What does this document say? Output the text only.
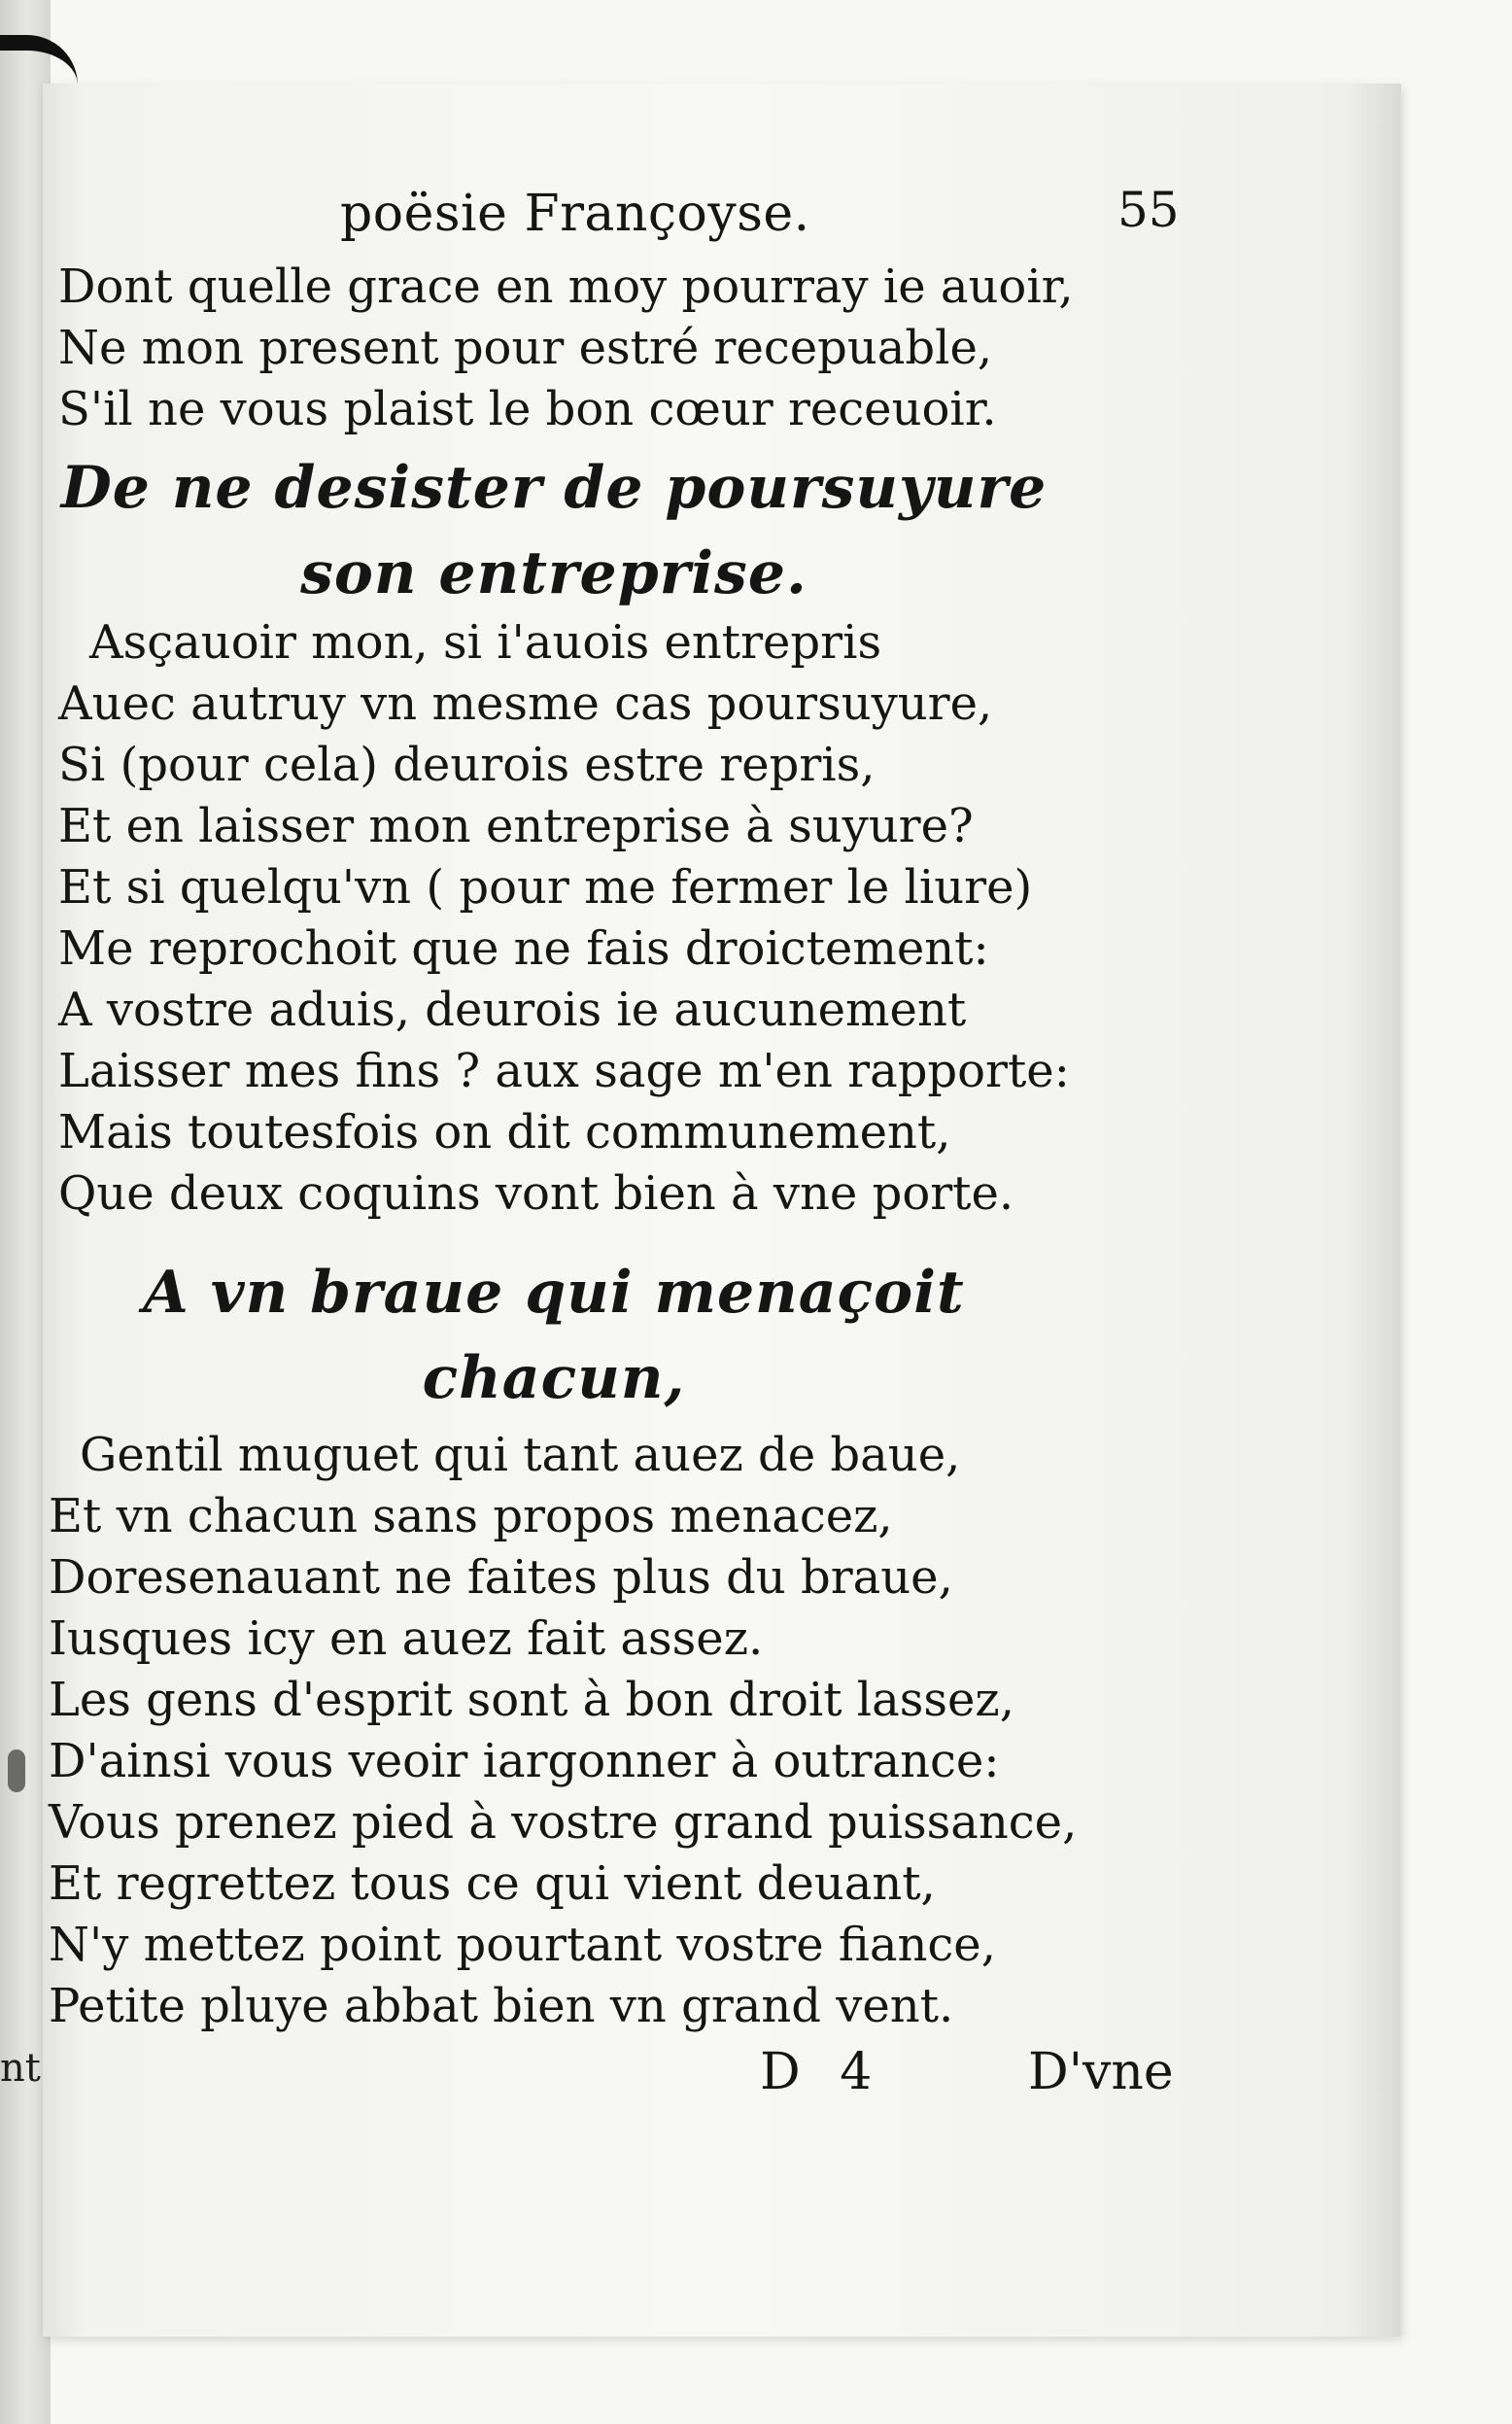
nt
poësie Françoyse.	55
Dont quelle grace en moy pourray ie auoir,
Ne mon present pour estré recepuable,
S'il ne vous plaist le bon cœur receuoir.
De ne desister de poursuyure
son entreprise.
Asçauoir mon, si i'auois entrepris
Auec autruy vn mesme cas poursuyure,
Si (pour cela) deurois estre repris,
Et en laisser mon entreprise à suyure?
Et si quelqu'vn ( pour me fermer le liure)
Me reprochoit que ne fais droictement:
A vostre aduis, deurois ie aucunement
Laisser mes fins ? aux sage m'en rapporte:
Mais toutesfois on dit communement,
Que deux coquins vont bien à vne porte.
A vn braue qui menaçoit
chacun,
Gentil muguet qui tant auez de baue,
Et vn chacun sans propos menacez,
Doresenauant ne faites plus du braue,
Iusques icy en auez fait assez.
Les gens d'esprit sont à bon droit lassez,
D'ainsi vous veoir iargonner à outrance:
Vous prenez pied à vostre grand puissance,
Et regrettez tous ce qui vient deuant,
N'y mettez point pourtant vostre fiance,
Petite pluye abbat bien vn grand vent.
D 4	D'vne
